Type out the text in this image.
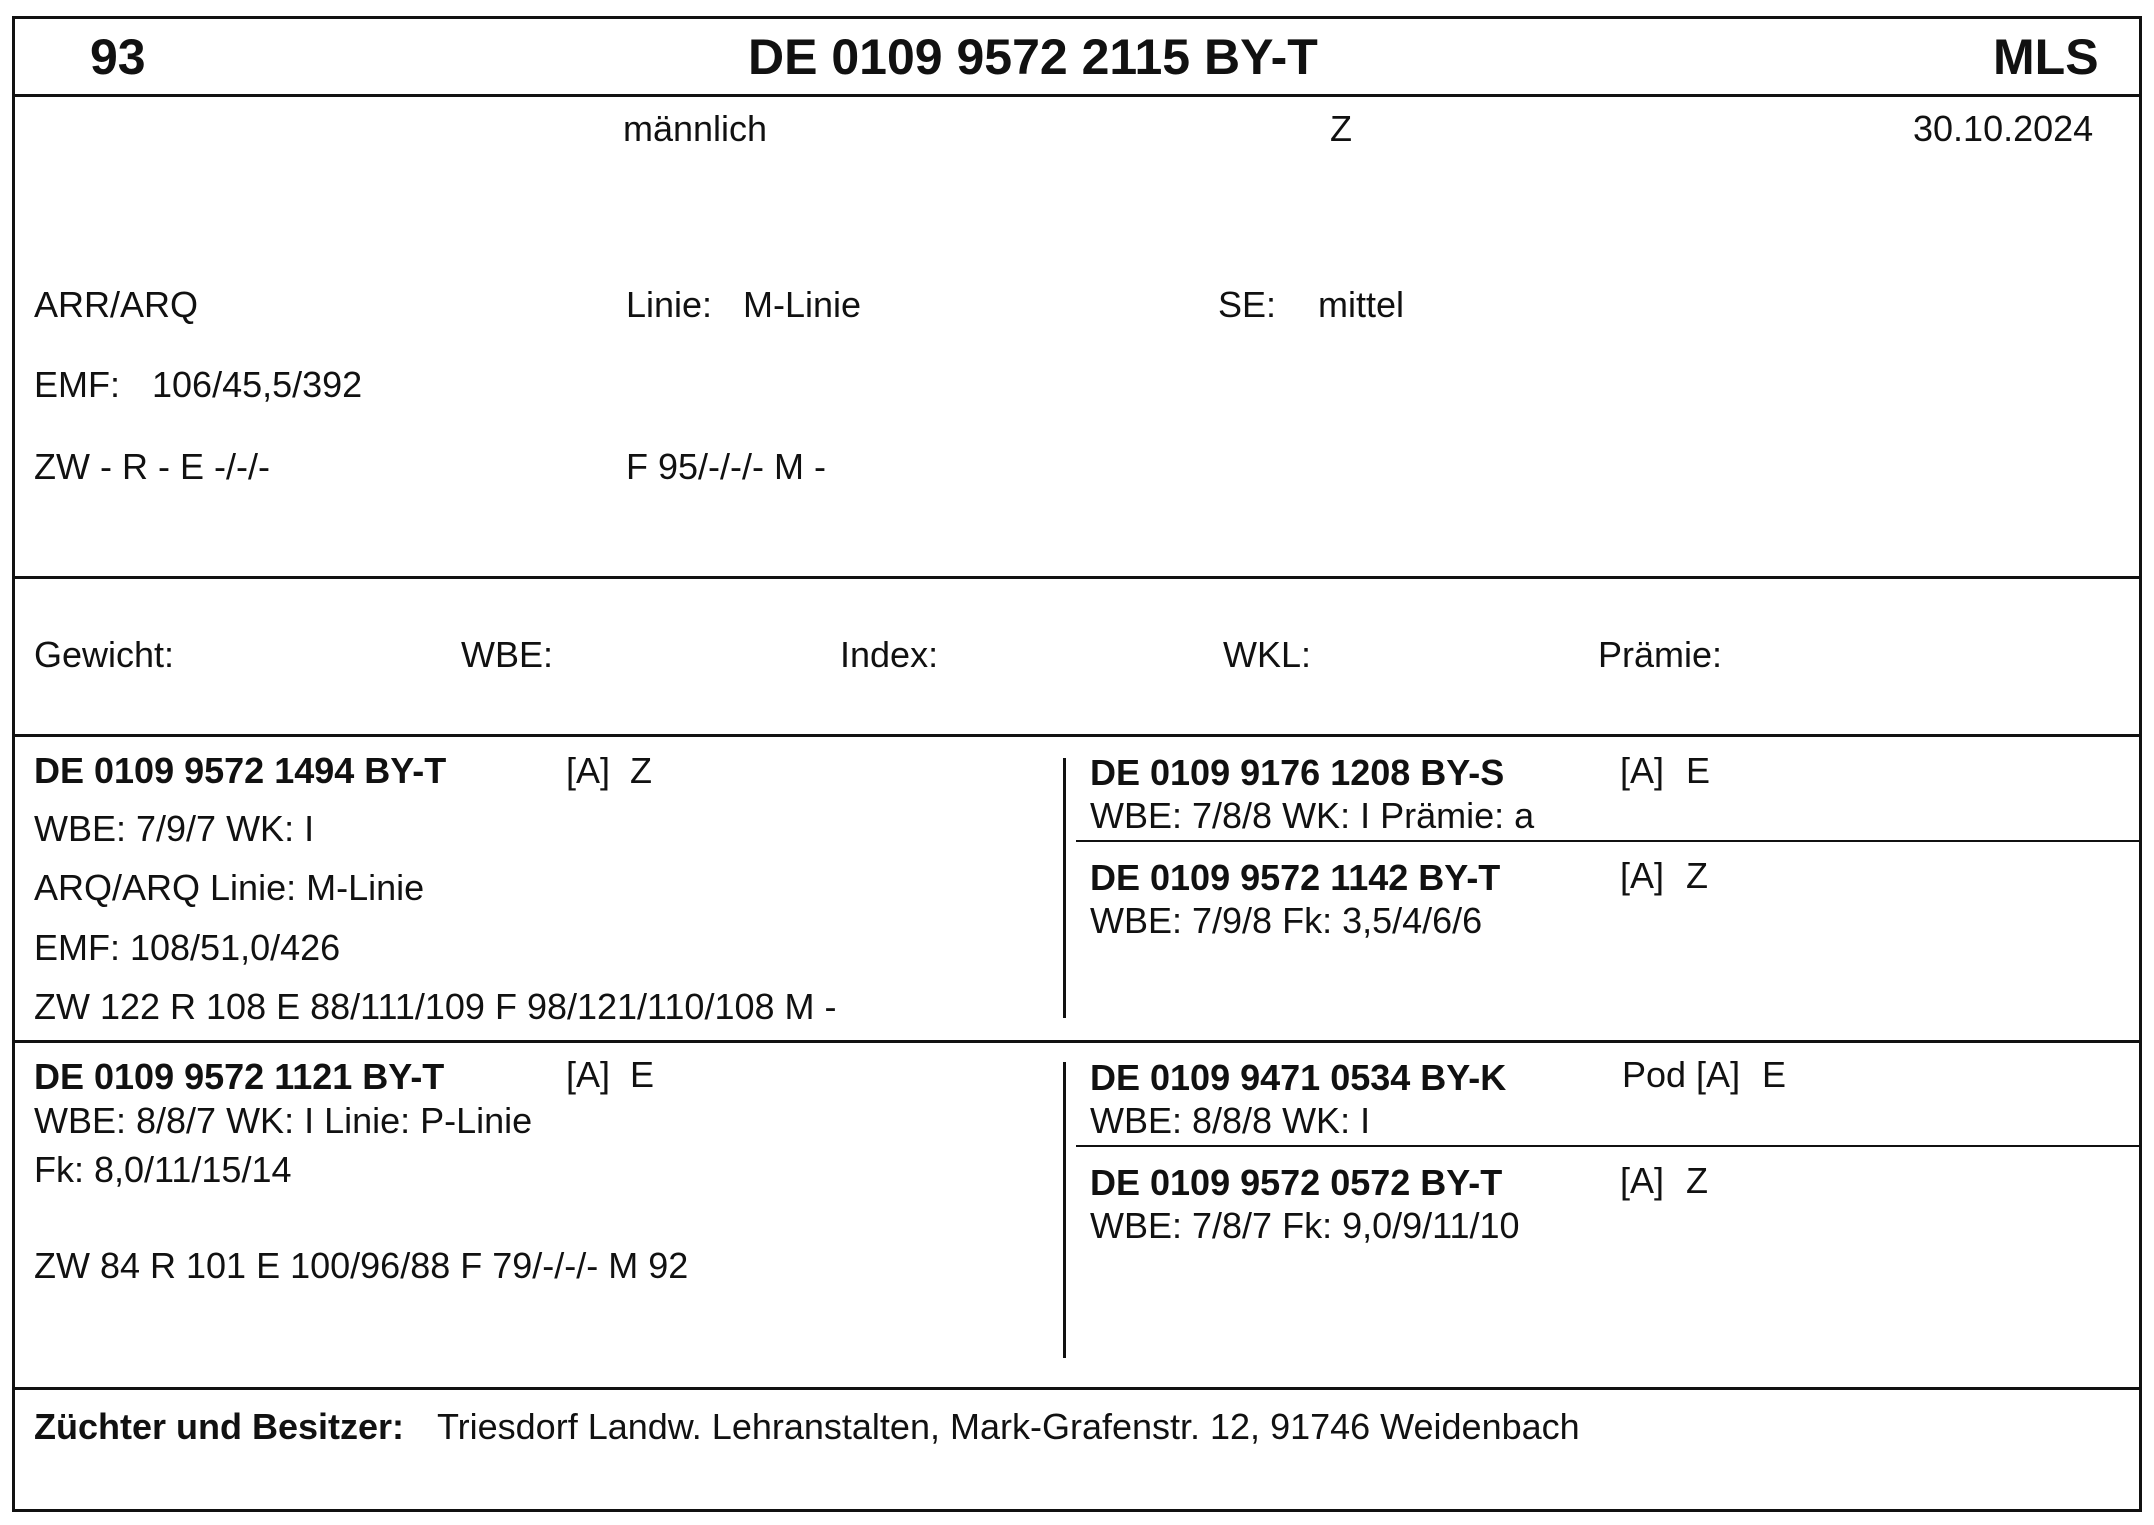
93	DE 0109 9572 2115 BY-T	MLS
männlich	Z	30.10.2024
ARR/ARQ	Linie: M-Linie	SE: mittel
EMF: 106/45,5/392
ZW - R - E -/-/-	F 95/-/-/- M -
Gewicht:	WBE:	Index:	WKL:	Prämie:
DE 0109 9572 1494 BY-T	[A] Z
WBE: 7/9/7 WK: I
ARQ/ARQ Linie: M-Linie
EMF: 108/51,0/426
ZW 122 R 108 E 88/111/109 F 98/121/110/108 M -
DE 0109 9176 1208 BY-S	[A] E
WBE: 7/8/8 WK: I Prämie: a
DE 0109 9572 1142 BY-T	[A] Z
WBE: 7/9/8 Fk: 3,5/4/6/6
DE 0109 9572 1121 BY-T	[A] E
WBE: 8/8/7 WK: I Linie: P-Linie
Fk: 8,0/11/15/14
ZW 84 R 101 E 100/96/88 F 79/-/-/- M 92
DE 0109 9471 0534 BY-K	Pod [A] E
WBE: 8/8/8 WK: I
DE 0109 9572 0572 BY-T	[A] Z
WBE: 7/8/7 Fk: 9,0/9/11/10
Züchter und Besitzer: Triesdorf Landw. Lehranstalten, Mark-Grafenstr. 12, 91746 Weidenbach
